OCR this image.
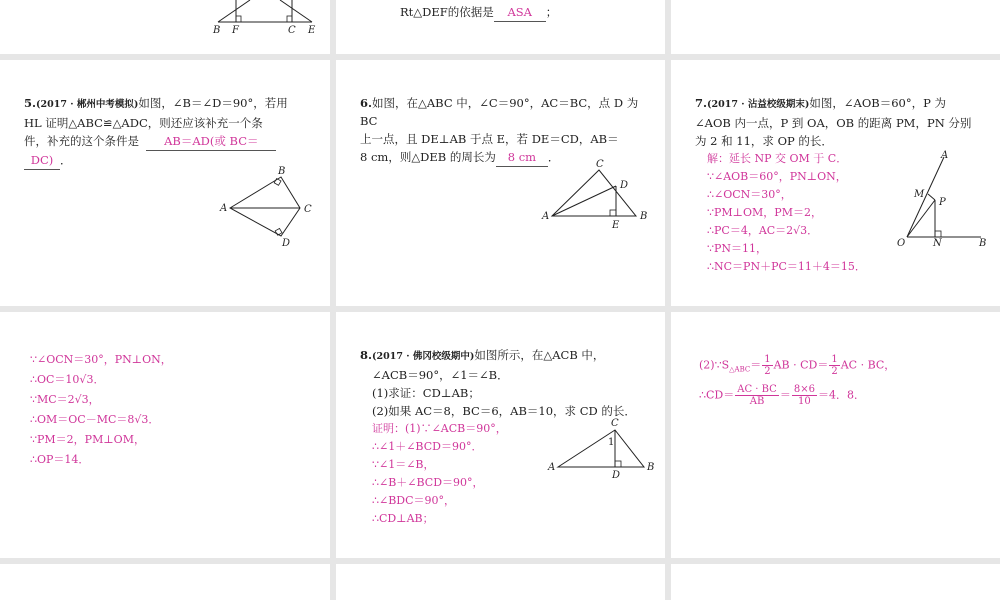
B F	C E
Rt△DEF的依据是 ASA ；
5.(2017 · 郴州中考模拟)如图，∠B＝∠D＝90°，若用
HL 证明△ABC≌△ADC，则还应该补充一个条
件，补充的这个条件是 AB＝AD(或 BC＝
DC) ．
A
B
C
D
6.如图，在△ABC 中，∠C＝90°，AC＝BC，点 D 为 BC
上一点，且 DE⊥AB 于点 E，若 DE＝CD，AB＝
8 cm，则△DEB 的周长为 8 cm ．
A	B
C
D
E
7.(2017 · 沾益校级期末)如图，∠AOB＝60°，P 为
∠AOB 内一点，P 到 OA，OB 的距离 PM，PN 分别
为 2 和 11，求 OP 的长．
解：延长 NP 交 OM 于 C．
∵∠AOB＝60°，PN⊥ON，
∴∠OCN＝30°，
∵PM⊥OM，PM＝2，
∴PC＝4，AC＝2√3．
∵PN＝11，
∴NC＝PN＋PC＝11＋4＝15．
A
M
P
O	N	B
∵∠OCN＝30°，PN⊥ON，
∴OC＝10√3．
∵MC＝2√3，
∴OM＝OC－MC＝8√3．
∵PM＝2，PM⊥OM，
∴OP＝14．
8.(2017 · 佛冈校级期中)如图所示，在△ACB 中，
∠ACB＝90°，∠1＝∠B．
(1)求证：CD⊥AB；
(2)如果 AC＝8，BC＝6，AB＝10，求 CD 的长．
证明：(1)∵∠ACB＝90°，
∴∠1＋∠BCD＝90°．
∵∠1＝∠B，
∴∠B＋∠BCD＝90°，
∴∠BDC＝90°，
∴CD⊥AB；
A	B
C
D
1
$(2)\because S_{\triangle ABC}= \frac{1}{2}$ AB · $CD= \frac{1}{2}$ AC · BC，
∴CD＝ $\frac{AC \cdot BC}{AB} = \frac{8\times 6}{10} =4$．8．
